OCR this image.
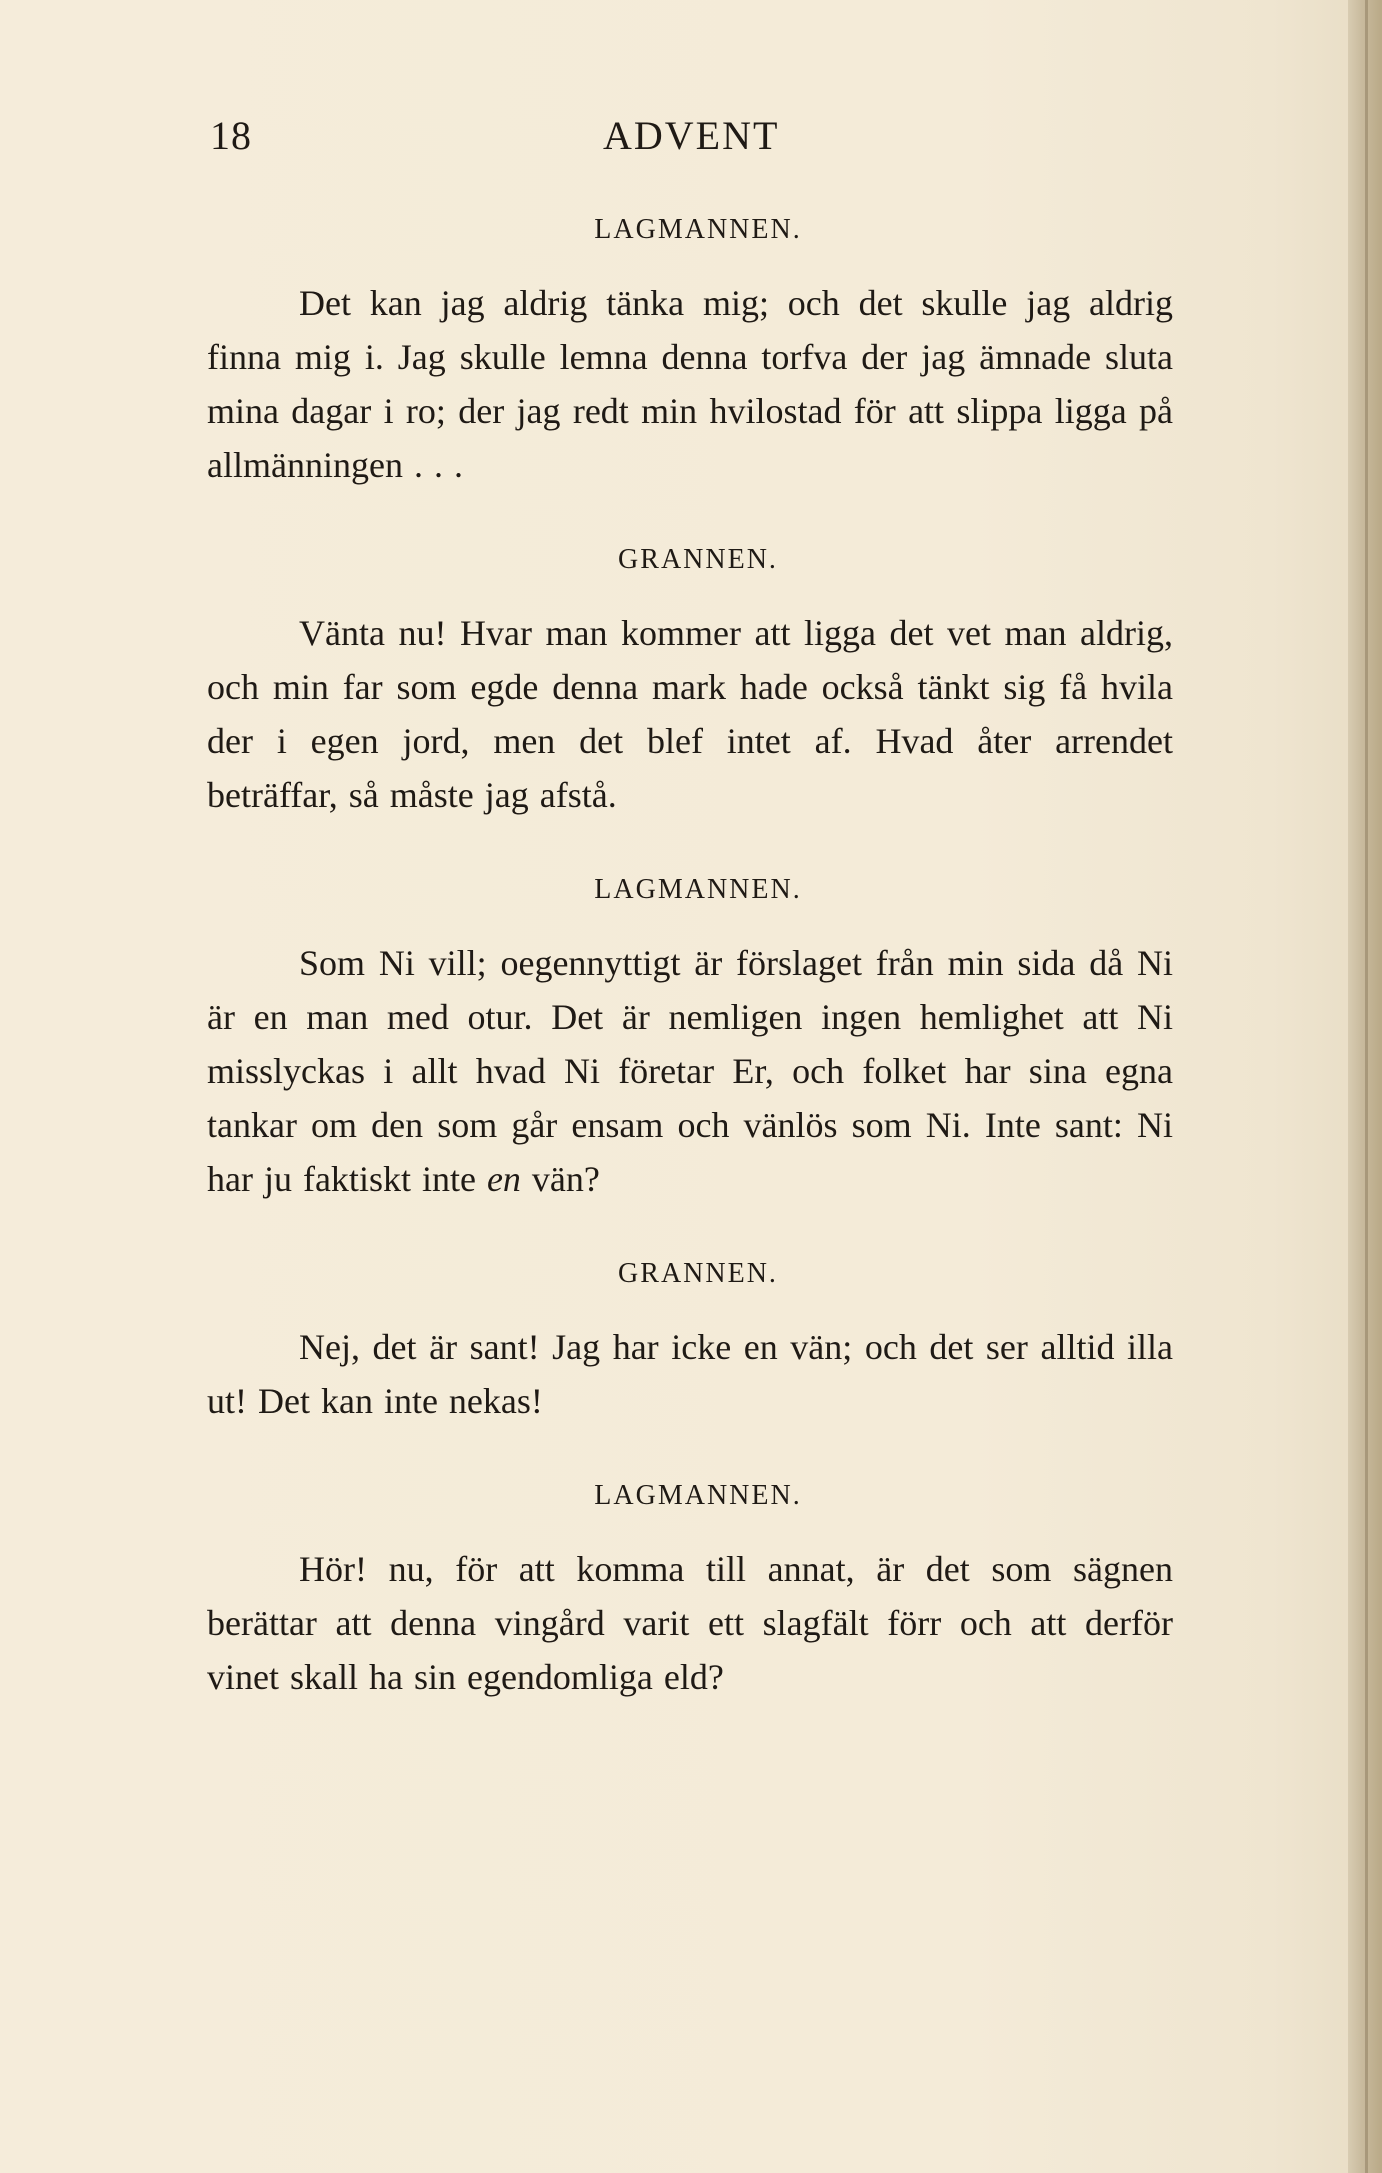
18	ADVENT
LAGMANNEN.

Det kan jag aldrig tänka mig; och det skulle jag aldrig finna mig i. Jag skulle lemna denna torfva der jag ämnade sluta mina dagar i ro; der jag redt min hvilostad för att slippa ligga på allmänningen . . .

GRANNEN.

Vänta nu! Hvar man kommer att ligga det vet man aldrig, och min far som egde denna mark hade också tänkt sig få hvila der i egen jord, men det blef intet af. Hvad åter arrendet beträffar, så måste jag afstå.

LAGMANNEN.

Som Ni vill; oegennyttigt är förslaget från min sida då Ni är en man med otur. Det är nemligen ingen hemlighet att Ni misslyckas i allt hvad Ni företar Er, och folket har sina egna tankar om den som går ensam och vänlös som Ni. Inte sant: Ni har ju faktiskt inte en vän?

GRANNEN.

Nej, det är sant! Jag har icke en vän; och det ser alltid illa ut! Det kan inte nekas!

LAGMANNEN.

Hör! nu, för att komma till annat, är det som sägnen berättar att denna vingård varit ett slagfält förr och att derför vinet skall ha sin egendomliga eld?
